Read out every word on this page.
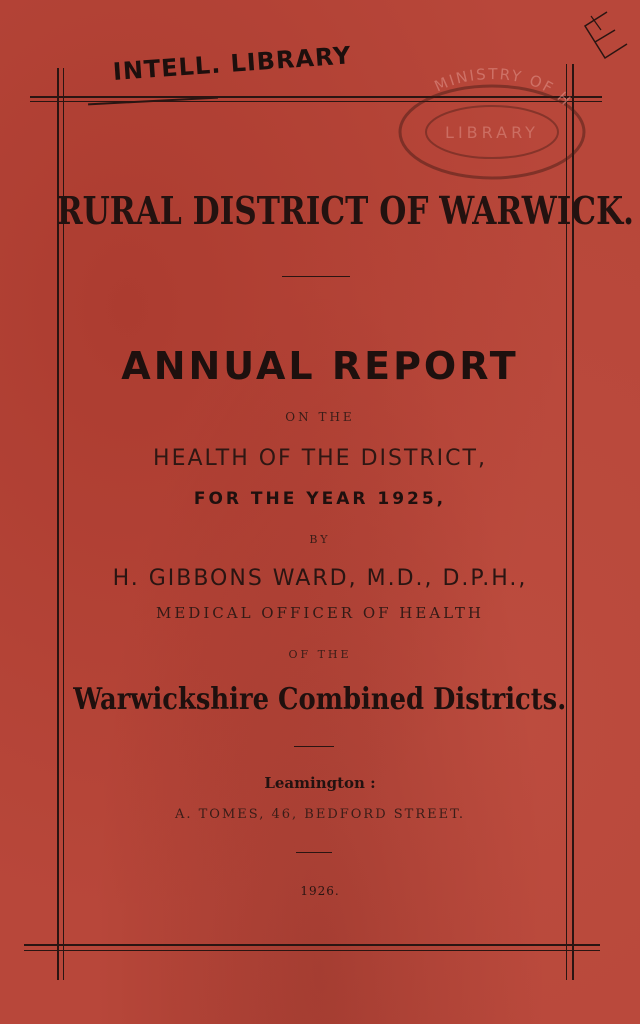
INTELL. LIBRARY	MINISTRY OF H
LIBRARY
RURAL DISTRICT OF WARWICK.
ANNUAL REPORT
ON THE
HEALTH OF THE DISTRICT,
FOR THE YEAR 1925,
BY
H. GIBBONS WARD, M.D., D.P.H.,
MEDICAL OFFICER OF HEALTH
OF THE
Warwickshire Combined Districts.
Leamington :
A. TOMES, 46, BEDFORD STREET.
1926.
